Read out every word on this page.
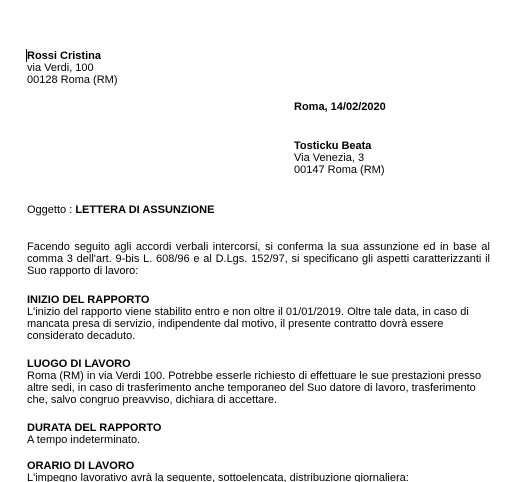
Rossi Cristina
via Verdi, 100
00128 Roma (RM)
Roma, 14/02/2020
Tosticku Beata
Via Venezia, 3
00147 Roma (RM)
Oggetto : LETTERA DI ASSUNZIONE
Facendo seguito agli accordi verbali intercorsi, si conferma la sua assunzione ed in base al
comma 3 dell'art. 9-bis L. 608/96 e al D.Lgs. 152/97, si specificano gli aspetti caratterizzanti il
Suo rapporto di lavoro:
INIZIO DEL RAPPORTO
L'inizio del rapporto viene stabilito entro e non oltre il 01/01/2019. Oltre tale data, in caso di
mancata presa di servizio, indipendente dal motivo, il presente contratto dovrà essere
considerato decaduto.
LUOGO DI LAVORO
Roma (RM) in via Verdi 100. Potrebbe esserle richiesto di effettuare le sue prestazioni presso
altre sedi, in caso di trasferimento anche temporaneo del Suo datore di lavoro, trasferimento
che, salvo congruo preavviso, dichiara di accettare.
DURATA DEL RAPPORTO
A tempo indeterminato.
ORARIO DI LAVORO
L'impegno lavorativo avrà la seguente, sottoelencata, distribuzione giornaliera:
